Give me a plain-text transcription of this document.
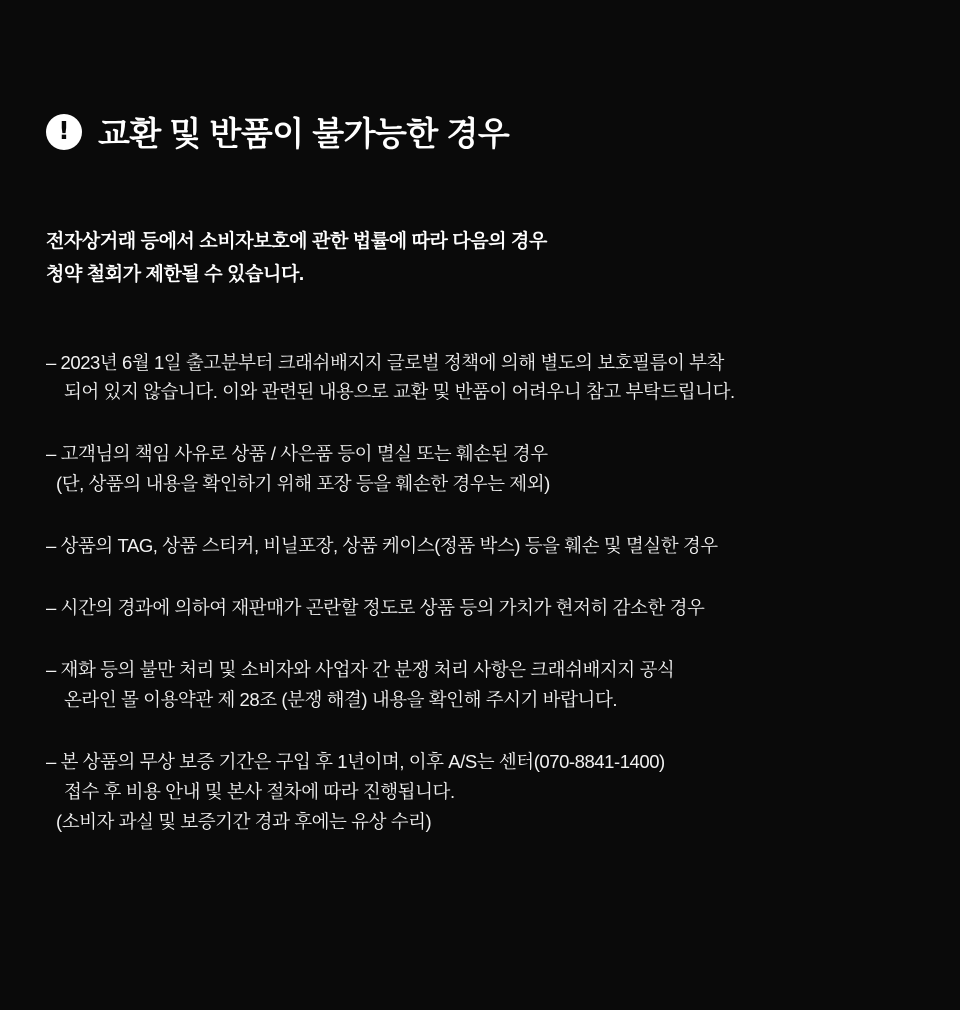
! 교환 및 반품이 불가능한 경우
전자상거래 등에서 소비자보호에 관한 법률에 따라 다음의 경우
청약 철회가 제한될 수 있습니다.
– 2023년 6월 1일 출고분부터 크래쉬배지지 글로벌 정책에 의해 별도의 보호필름이 부착
되어 있지 않습니다. 이와 관련된 내용으로 교환 및 반품이 어려우니 참고 부탁드립니다.
– 고객님의 책임 사유로 상품 / 사은품 등이 멸실 또는 훼손된 경우
(단, 상품의 내용을 확인하기 위해 포장 등을 훼손한 경우는 제외)
– 상품의 TAG, 상품 스티커, 비닐포장, 상품 케이스(정품 박스) 등을 훼손 및 멸실한 경우
– 시간의 경과에 의하여 재판매가 곤란할 정도로 상품 등의 가치가 현저히 감소한 경우
– 재화 등의 불만 처리 및 소비자와 사업자 간 분쟁 처리 사항은 크래쉬배지지 공식
온라인 몰 이용약관 제 28조 (분쟁 해결) 내용을 확인해 주시기 바랍니다.
– 본 상품의 무상 보증 기간은 구입 후 1년이며, 이후 A/S는 센터(070-8841-1400)
접수 후 비용 안내 및 본사 절차에 따라 진행됩니다.
(소비자 과실 및 보증기간 경과 후에는 유상 수리)
